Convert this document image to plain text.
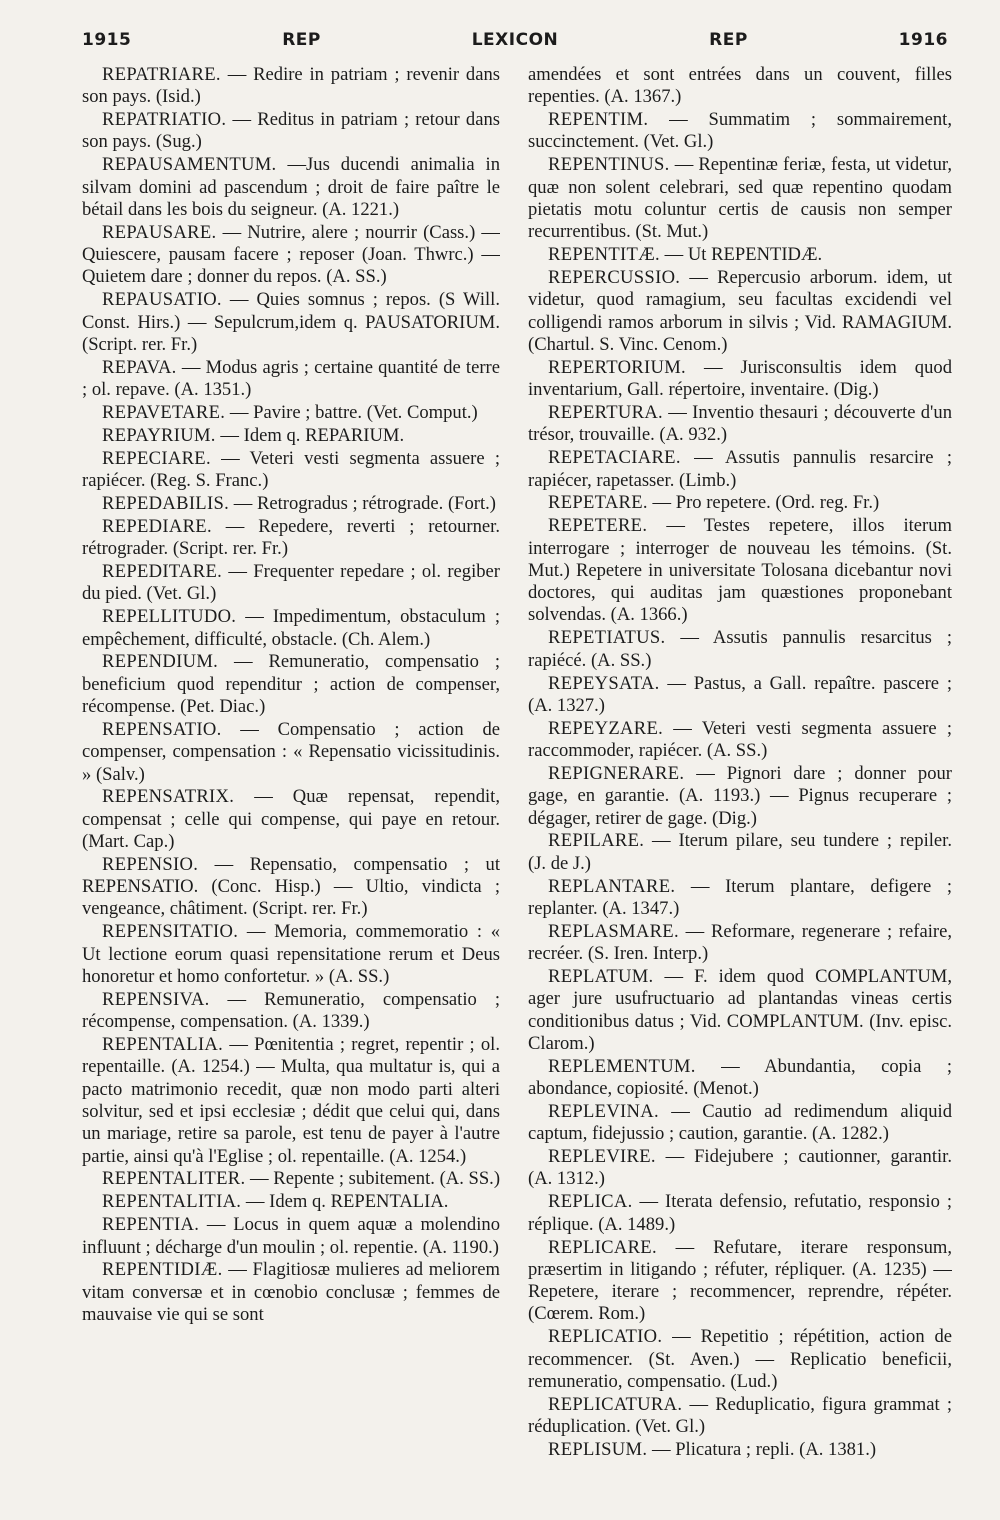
1915	REP	LEXICON	REP	1916

REPATRIARE. — Redire in patriam ; revenir dans son pays. (Isid.)

REPATRIATIO. — Reditus in patriam ; retour dans son pays. (Sug.)

REPAUSAMENTUM. —Jus ducendi animalia in silvam domini ad pascendum ; droit de faire paître le bétail dans les bois du seigneur. (A. 1221.)

REPAUSARE. — Nutrire, alere ; nourrir (Cass.) — Quiescere, pausam facere ; reposer (Joan. Thwrc.) — Quietem dare ; donner du repos. (A. SS.)

REPAUSATIO. — Quies somnus ; repos. (S Will. Const. Hirs.) — Sepulcrum,idem q. PAUSATORIUM. (Script. rer. Fr.)

REPAVA. — Modus agris ; certaine quantité de terre ; ol. repave. (A. 1351.)

REPAVETARE. — Pavire ; battre. (Vet. Comput.)

REPAYRIUM. — Idem q. REPARIUM.

REPECIARE. — Veteri vesti segmenta assuere ; rapiécer. (Reg. S. Franc.)

REPEDABILIS. — Retrogradus ; rétrograde. (Fort.)

REPEDIARE. — Repedere, reverti ; retourner. rétrograder. (Script. rer. Fr.)

REPEDITARE. — Frequenter repedare ; ol. regiber du pied. (Vet. Gl.)

REPELLITUDO. — Impedimentum, obstaculum ; empêchement, difficulté, obstacle. (Ch. Alem.)

REPENDIUM. — Remuneratio, compensatio ; beneficium quod rependitur ; action de compenser, récompense. (Pet. Diac.)

REPENSATIO. — Compensatio ; action de compenser, compensation : « Repensatio vicissitudinis. » (Salv.)

REPENSATRIX. — Quæ repensat, rependit, compensat ; celle qui compense, qui paye en retour. (Mart. Cap.)

REPENSIO. — Repensatio, compensatio ; ut REPENSATIO. (Conc. Hisp.) — Ultio, vindicta ; vengeance, châtiment. (Script. rer. Fr.)

REPENSITATIO. — Memoria, commemoratio : « Ut lectione eorum quasi repensitatione rerum et Deus honoretur et homo confortetur. » (A. SS.)

REPENSIVA. — Remuneratio, compensatio ; récompense, compensation. (A. 1339.)

REPENTALIA. — Pœnitentia ; regret, repentir ; ol. repentaille. (A. 1254.) — Multa, qua multatur is, qui a pacto matrimonio recedit, quæ non modo parti alteri solvitur, sed et ipsi ecclesiæ ; dédit que celui qui, dans un mariage, retire sa parole, est tenu de payer à l'autre partie, ainsi qu'à l'Eglise ; ol. repentaille. (A. 1254.)

REPENTALITER. — Repente ; subitement. (A. SS.)

REPENTALITIA. — Idem q. REPENTALIA.

REPENTIA. — Locus in quem aquæ a molendino influunt ; décharge d'un moulin ; ol. repentie. (A. 1190.)

REPENTIDIÆ. — Flagitiosæ mulieres ad meliorem vitam conversæ et in cœnobio conclusæ ; femmes de mauvaise vie qui se sont

amendées et sont entrées dans un couvent, filles repenties. (A. 1367.)

REPENTIM. — Summatim ; sommairement, succinctement. (Vet. Gl.)

REPENTINUS. — Repentinæ feriæ, festa, ut videtur, quæ non solent celebrari, sed quæ repentino quodam pietatis motu coluntur certis de causis non semper recurrentibus. (St. Mut.)

REPENTITÆ. — Ut REPENTIDÆ.

REPERCUSSIO. — Repercusio arborum. idem, ut videtur, quod ramagium, seu facultas excidendi vel colligendi ramos arborum in silvis ; Vid. RAMAGIUM. (Chartul. S. Vinc. Cenom.)

REPERTORIUM. — Jurisconsultis idem quod inventarium, Gall. répertoire, inventaire. (Dig.)

REPERTURA. — Inventio thesauri ; découverte d'un trésor, trouvaille. (A. 932.)

REPETACIARE. — Assutis pannulis resarcire ; rapiécer, rapetasser. (Limb.)

REPETARE. — Pro repetere. (Ord. reg. Fr.)

REPETERE. — Testes repetere, illos iterum interrogare ; interroger de nouveau les témoins. (St. Mut.) Repetere in universitate Tolosana dicebantur novi doctores, qui auditas jam quæstiones proponebant solvendas. (A. 1366.)

REPETIATUS. — Assutis pannulis resarcitus ; rapiécé. (A. SS.)

REPEYSATA. — Pastus, a Gall. repaître. pascere ; (A. 1327.)

REPEYZARE. — Veteri vesti segmenta assuere ; raccommoder, rapiécer. (A. SS.)

REPIGNERARE. — Pignori dare ; donner pour gage, en garantie. (A. 1193.) — Pignus recuperare ; dégager, retirer de gage. (Dig.)

REPILARE. — Iterum pilare, seu tundere ; repiler. (J. de J.)

REPLANTARE. — Iterum plantare, defigere ; replanter. (A. 1347.)

REPLASMARE. — Reformare, regenerare ; refaire, recréer. (S. Iren. Interp.)

REPLATUM. — F. idem quod COMPLANTUM, ager jure usufructuario ad plantandas vineas certis conditionibus datus ; Vid. COMPLANTUM. (Inv. episc. Clarom.)

REPLEMENTUM. — Abundantia, copia ; abondance, copiosité. (Menot.)

REPLEVINA. — Cautio ad redimendum aliquid captum, fidejussio ; caution, garantie. (A. 1282.)

REPLEVIRE. — Fidejubere ; cautionner, garantir. (A. 1312.)

REPLICA. — Iterata defensio, refutatio, responsio ; réplique. (A. 1489.)

REPLICARE. — Refutare, iterare responsum, præsertim in litigando ; réfuter, répliquer. (A. 1235) — Repetere, iterare ; recommencer, reprendre, répéter. (Cœrem. Rom.)

REPLICATIO. — Repetitio ; répétition, action de recommencer. (St. Aven.) — Replicatio beneficii, remuneratio, compensatio. (Lud.)

REPLICATURA. — Reduplicatio, figura grammat ; réduplication. (Vet. Gl.)

REPLISUM. — Plicatura ; repli. (A. 1381.)
